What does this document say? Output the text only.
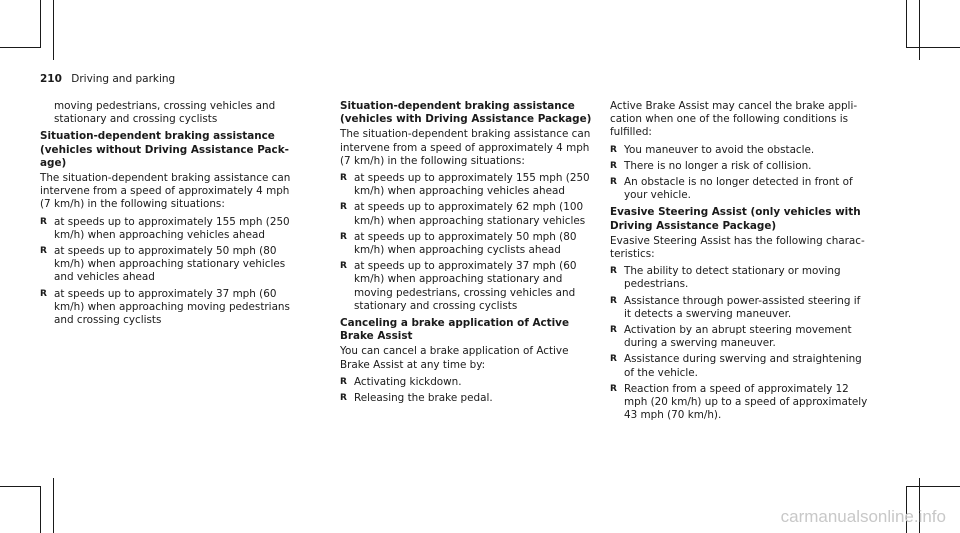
210 Driving and parking

moving pedestrians, crossing vehicles and stationary and crossing cyclists

Situation-dependent braking assistance (vehicles without Driving Assistance Package)

The situation-dependent braking assistance can intervene from a speed of approximately 4 mph (7 km/h) in the following situations:

R at speeds up to approximately 155 mph (250 km/h) when approaching vehicles ahead
R at speeds up to approximately 50 mph (80 km/h) when approaching stationary vehicles and vehicles ahead
R at speeds up to approximately 37 mph (60 km/h) when approaching moving pedestrians and crossing cyclists
Situation-dependent braking assistance (vehicles with Driving Assistance Package)

The situation-dependent braking assistance can intervene from a speed of approximately 4 mph (7 km/h) in the following situations:

R at speeds up to approximately 155 mph (250 km/h) when approaching vehicles ahead
R at speeds up to approximately 62 mph (100 km/h) when approaching stationary vehicles
R at speeds up to approximately 50 mph (80 km/h) when approaching cyclists ahead
R at speeds up to approximately 37 mph (60 km/h) when approaching stationary and moving pedestrians, crossing vehicles and stationary and crossing cyclists
Canceling a brake application of Active Brake Assist

You can cancel a brake application of Active Brake Assist at any time by:

R Activating kickdown.
R Releasing the brake pedal.

Active Brake Assist may cancel the brake application when one of the following conditions is fulfilled:

R You maneuver to avoid the obstacle.
R There is no longer a risk of collision.
R An obstacle is no longer detected in front of your vehicle.
Evasive Steering Assist (only vehicles with Driving Assistance Package)

Evasive Steering Assist has the following characteristics:

R The ability to detect stationary or moving pedestrians.
R Assistance through power-assisted steering if it detects a swerving maneuver.
R Activation by an abrupt steering movement during a swerving maneuver.
R Assistance during swerving and straightening of the vehicle.
R Reaction from a speed of approximately 12 mph (20 km/h) up to a speed of approximately 43 mph (70 km/h).
carmanualsonline.info
